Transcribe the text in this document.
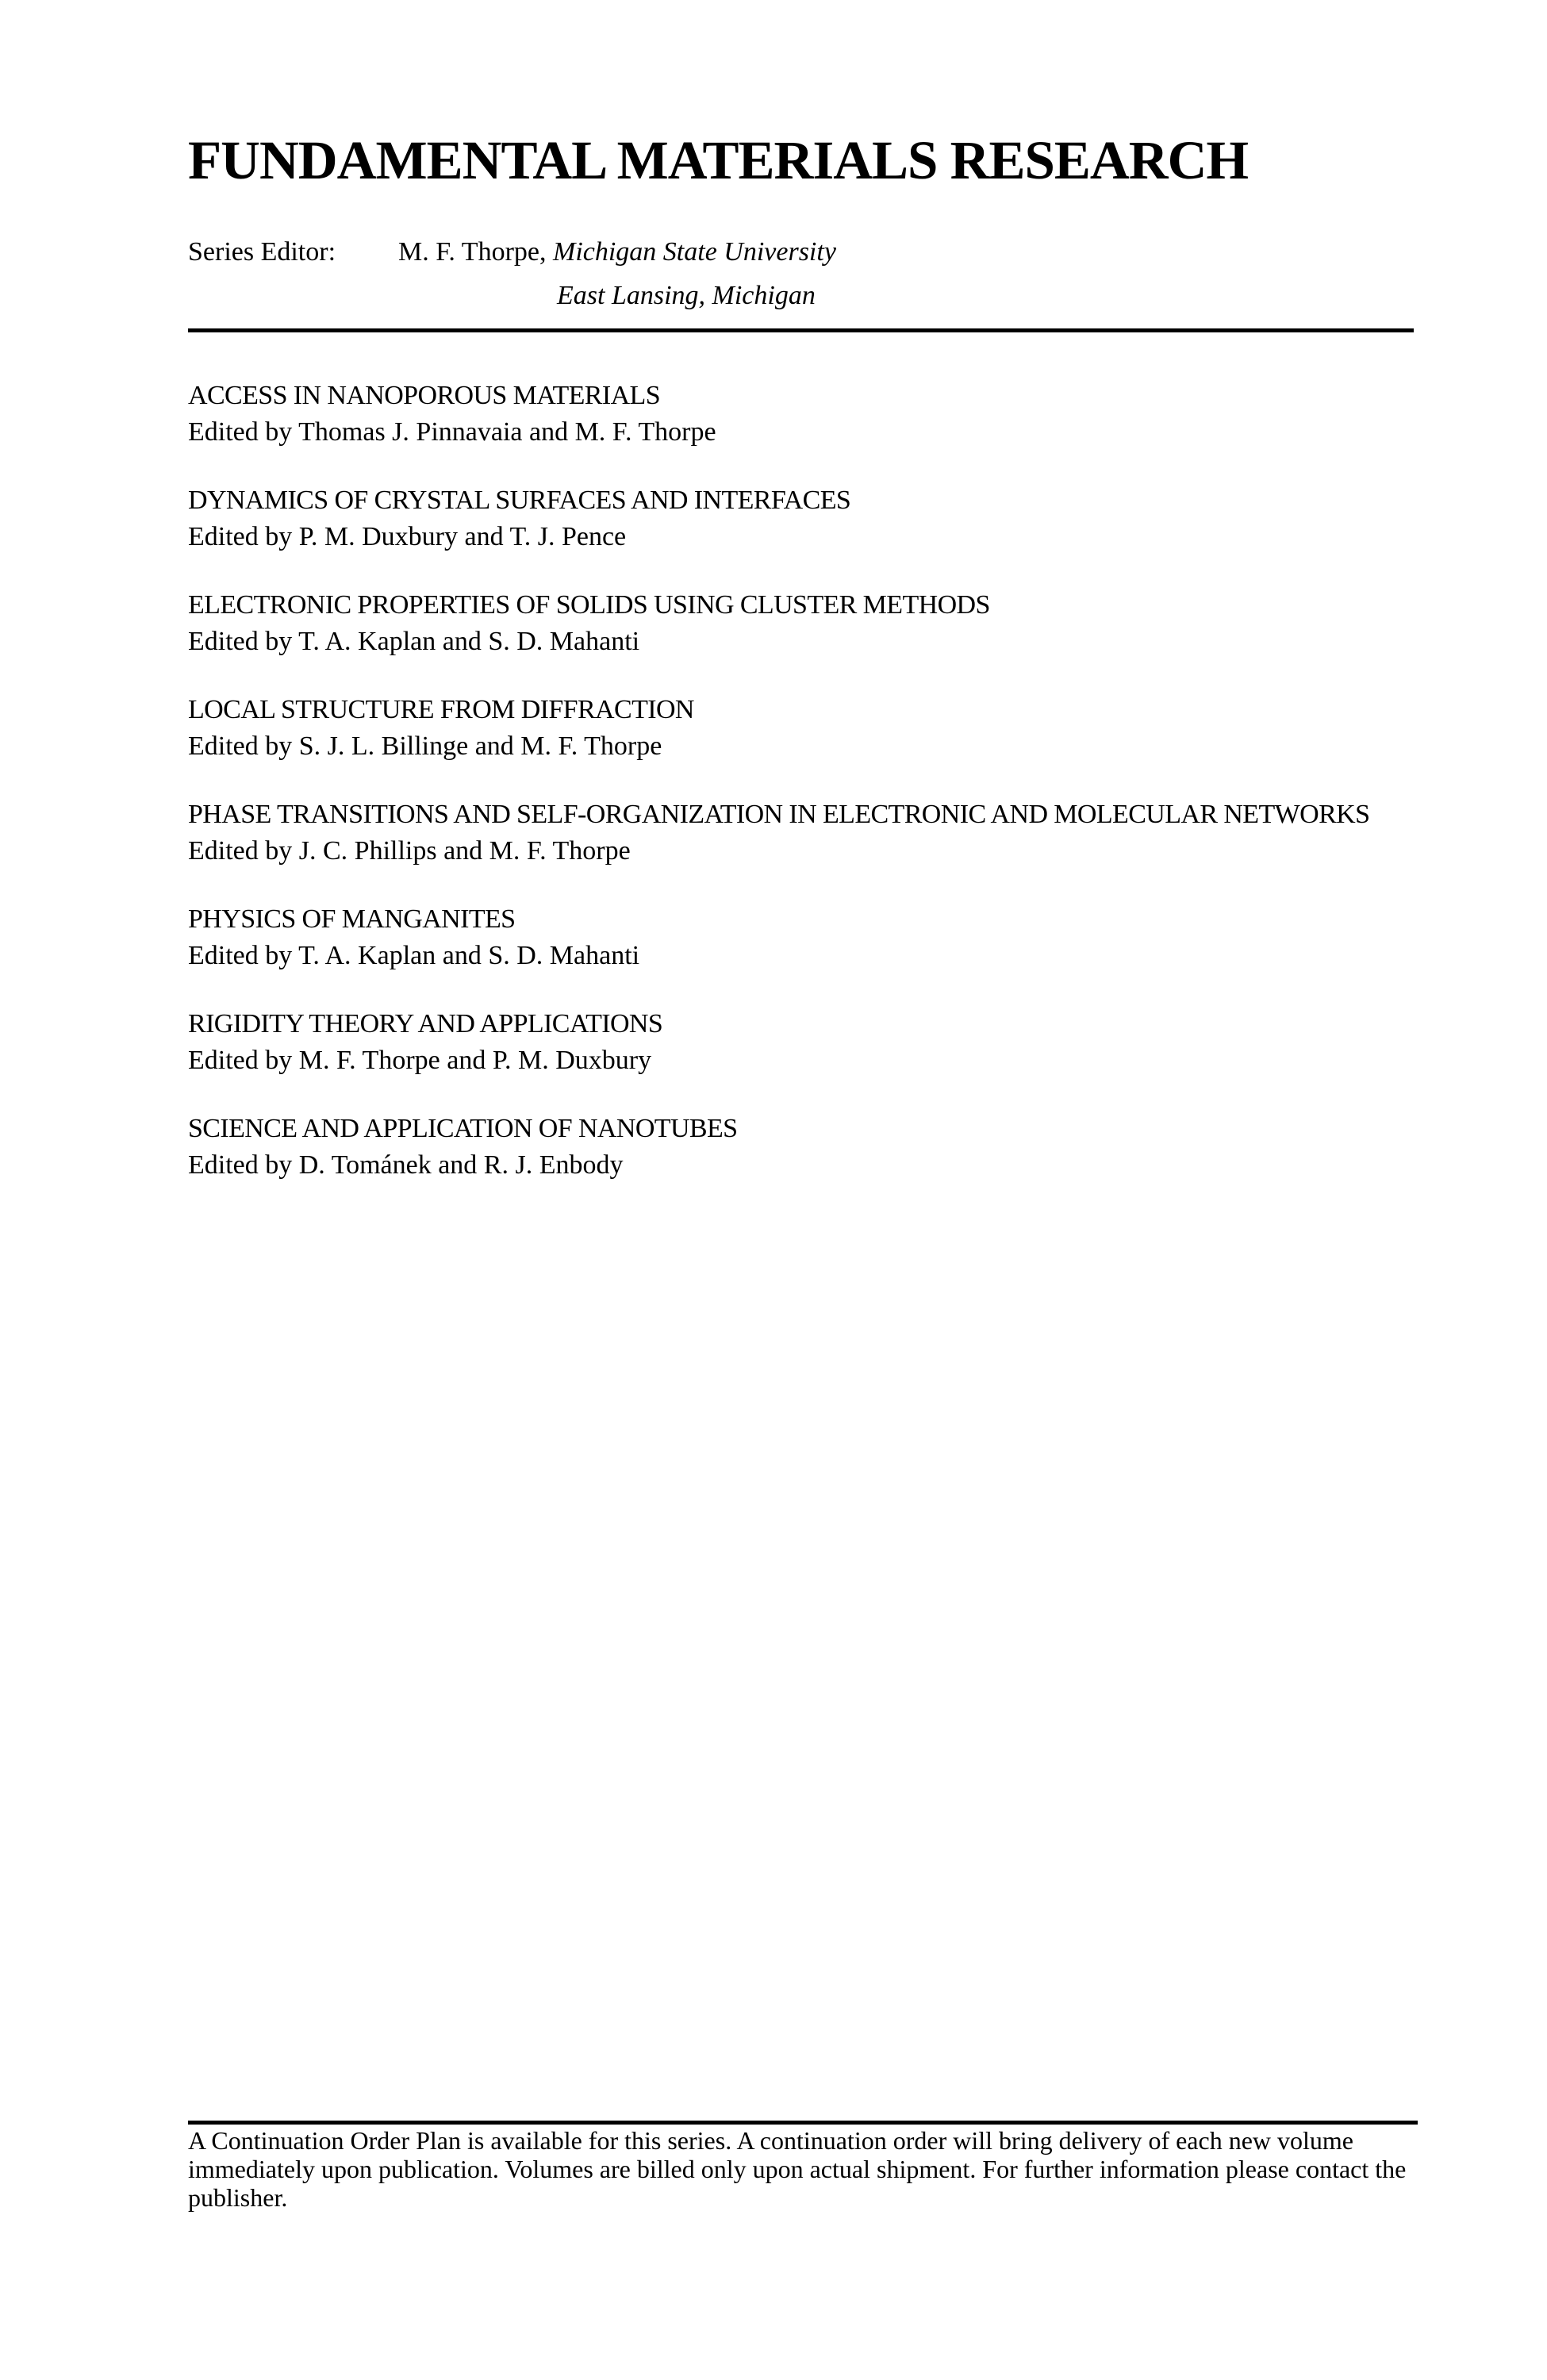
FUNDAMENTAL MATERIALS RESEARCH
Series Editor:	M. F. Thorpe, Michigan State University
East Lansing, Michigan
ACCESS IN NANOPOROUS MATERIALS
Edited by Thomas J. Pinnavaia and M. F. Thorpe
DYNAMICS OF CRYSTAL SURFACES AND INTERFACES
Edited by P. M. Duxbury and T. J. Pence
ELECTRONIC PROPERTIES OF SOLIDS USING CLUSTER METHODS
Edited by T. A. Kaplan and S. D. Mahanti
LOCAL STRUCTURE FROM DIFFRACTION
Edited by S. J. L. Billinge and M. F. Thorpe
PHASE TRANSITIONS AND SELF-ORGANIZATION IN ELECTRONIC AND MOLECULAR NETWORKS
Edited by J. C. Phillips and M. F. Thorpe
PHYSICS OF MANGANITES
Edited by T. A. Kaplan and S. D. Mahanti
RIGIDITY THEORY AND APPLICATIONS
Edited by M. F. Thorpe and P. M. Duxbury
SCIENCE AND APPLICATION OF NANOTUBES
Edited by D. Tománek and R. J. Enbody
A Continuation Order Plan is available for this series. A continuation order will bring delivery of each new volume immediately upon publication. Volumes are billed only upon actual shipment. For further information please contact the publisher.
